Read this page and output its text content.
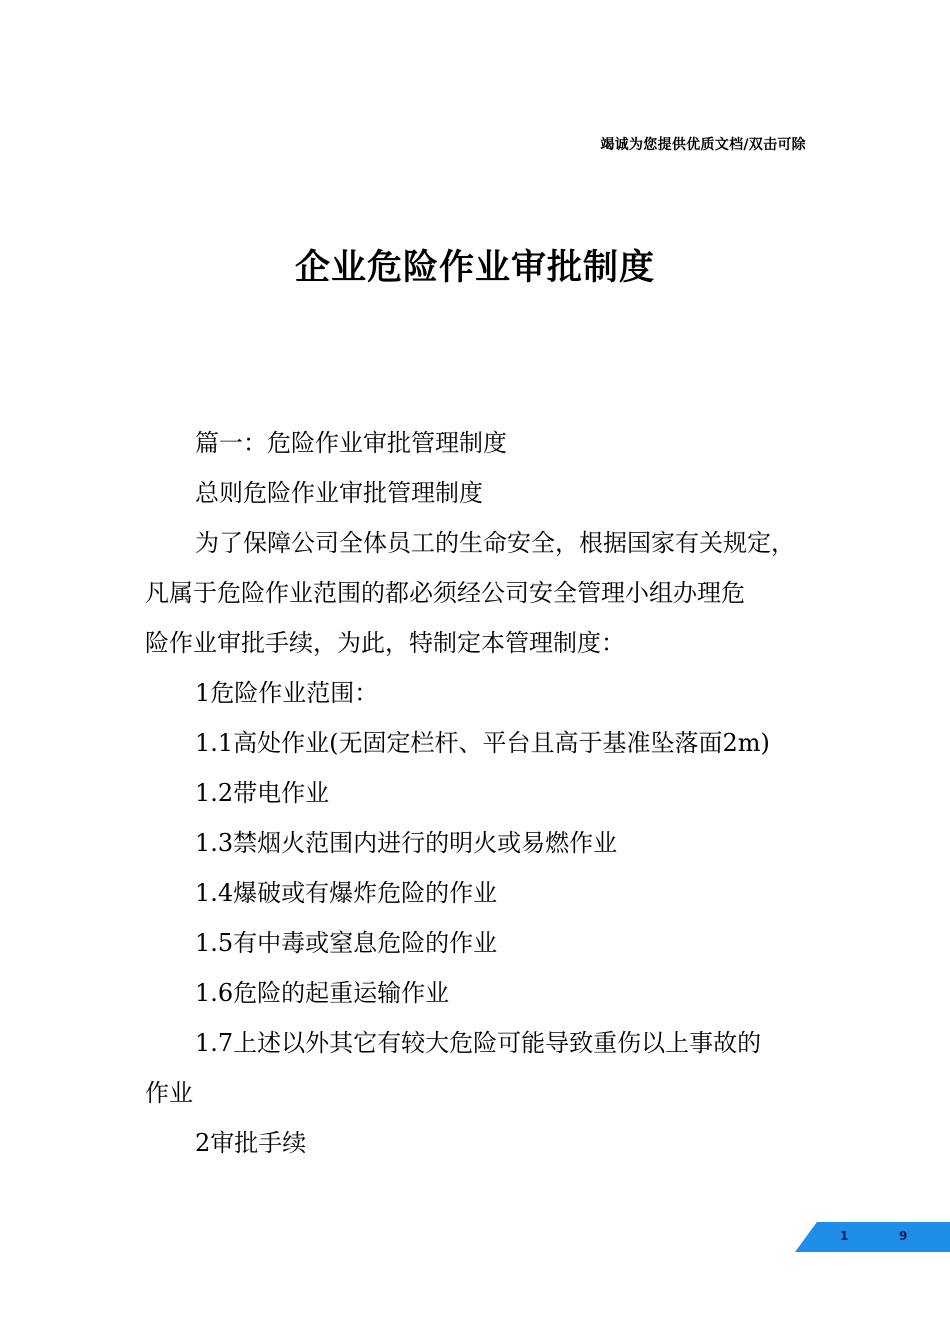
竭诚为您提供优质文档/双击可除
企业危险作业审批制度
篇一：危险作业审批管理制度
总则危险作业审批管理制度
为了保障公司全体员工的生命安全，根据国家有关规定，
凡属于危险作业范围的都必须经公司安全管理小组办理危
险作业审批手续，为此，特制定本管理制度：
1危险作业范围：
1.1高处作业(无固定栏杆、平台且高于基准坠落面2m)
1.2带电作业
1.3禁烟火范围内进行的明火或易燃作业
1.4爆破或有爆炸危险的作业
1.5有中毒或窒息危险的作业
1.6危险的起重运输作业
1.7上述以外其它有较大危险可能导致重伤以上事故的
作业
2审批手续
1	9
